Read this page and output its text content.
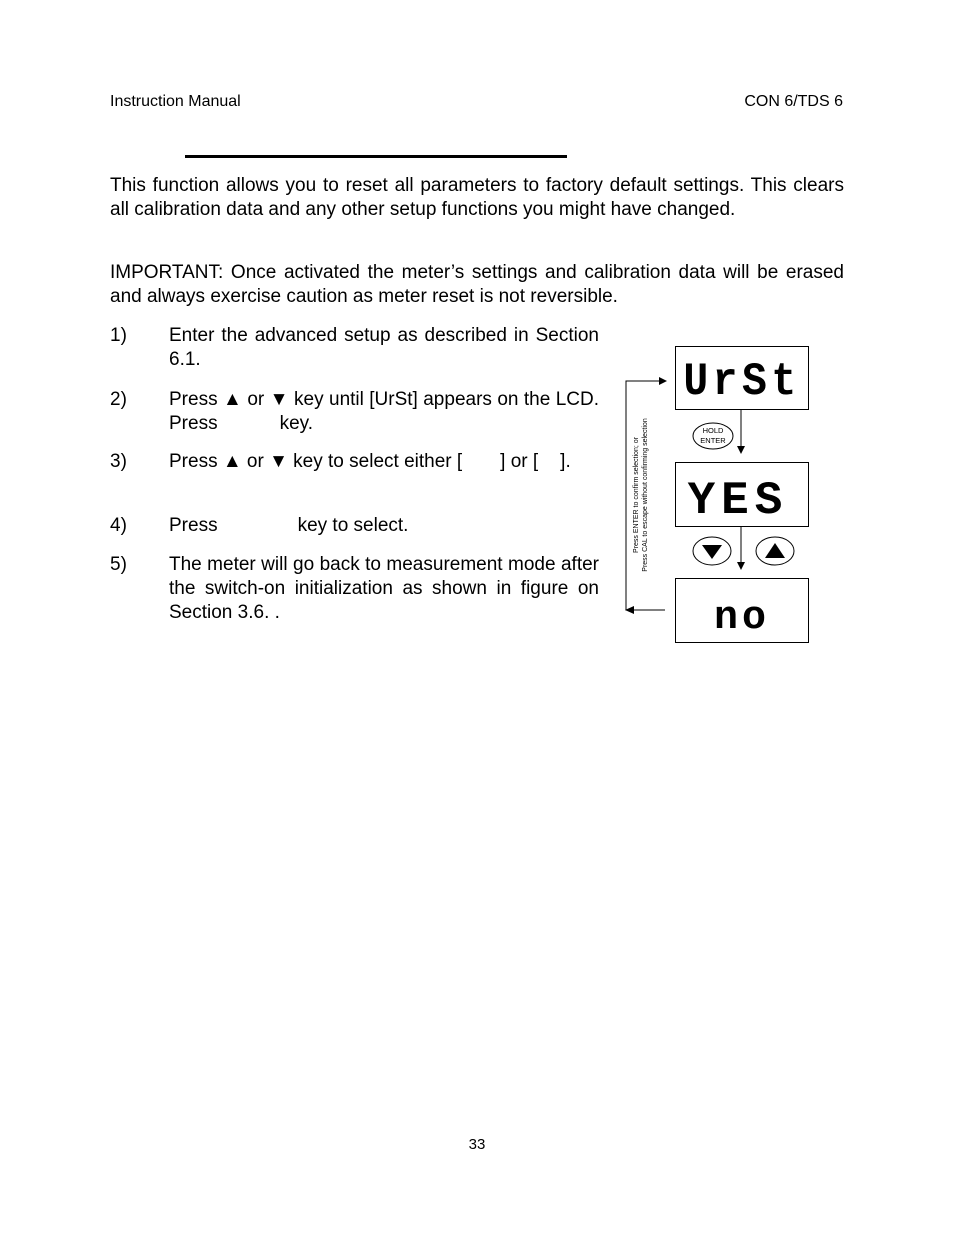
Instruction Manual	CON 6/TDS 6

This function allows you to reset all parameters to factory default settings. This clears all calibration data and any other setup functions you might have changed.

IMPORTANT: Once activated the meter’s settings and calibration data will be erased and always exercise caution as meter reset is not reversible.

1) Enter the advanced setup as described in Section 6.1.
2) Press ▲ or ▼ key until [UrSt] appears on the LCD. Press	key.
3) Press ▲ or ▼ key to select either [ ] or [ ].
4) Press	key to select.
5) The meter will go back to measurement mode after the switch-on initialization as shown in figure on Section 3.6. .
UrSt
YES
no
Press ENTER to confirm selection; or Press CAL to escape without confirming selection	HOLD
ENTER
33
